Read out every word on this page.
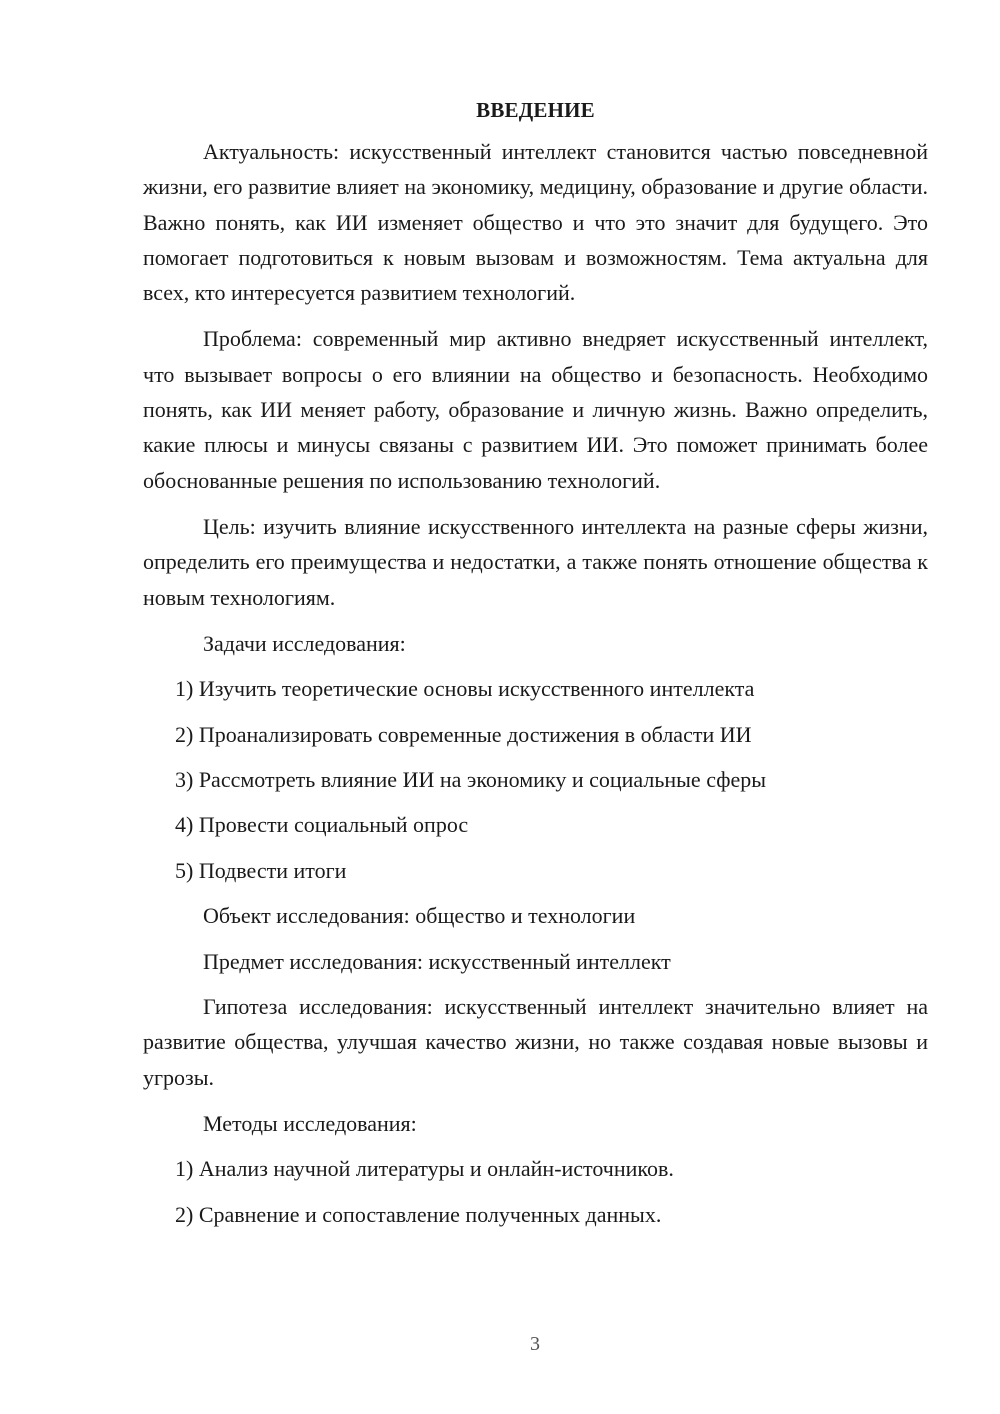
ВВЕДЕНИЕ

Актуальность: искусственный интеллект становится частью повседневной жизни, его развитие влияет на экономику, медицину, образование и другие области. Важно понять, как ИИ изменяет общество и что это значит для будущего. Это помогает подготовиться к новым вызовам и возможностям. Тема актуальна для всех, кто интересуется развитием технологий.

Проблема: современный мир активно внедряет искусственный интеллект, что вызывает вопросы о его влиянии на общество и безопасность. Необходимо понять, как ИИ меняет работу, образование и личную жизнь. Важно определить, какие плюсы и минусы связаны с развитием ИИ. Это поможет принимать более обоснованные решения по использованию технологий.

Цель: изучить влияние искусственного интеллекта на разные сферы жизни, определить его преимущества и недостатки, а также понять отношение общества к новым технологиям.

Задачи исследования:
1) Изучить теоретические основы искусственного интеллекта
2) Проанализировать современные достижения в области ИИ
3) Рассмотреть влияние ИИ на экономику и социальные сферы
4) Провести социальный опрос
5) Подвести итоги
Объект исследования: общество и технологии
Предмет исследования: искусственный интеллект

Гипотеза исследования: искусственный интеллект значительно влияет на развитие общества, улучшая качество жизни, но также создавая новые вызовы и угрозы.

Методы исследования:
1) Анализ научной литературы и онлайн-источников.
2) Сравнение и сопоставление полученных данных.
3
